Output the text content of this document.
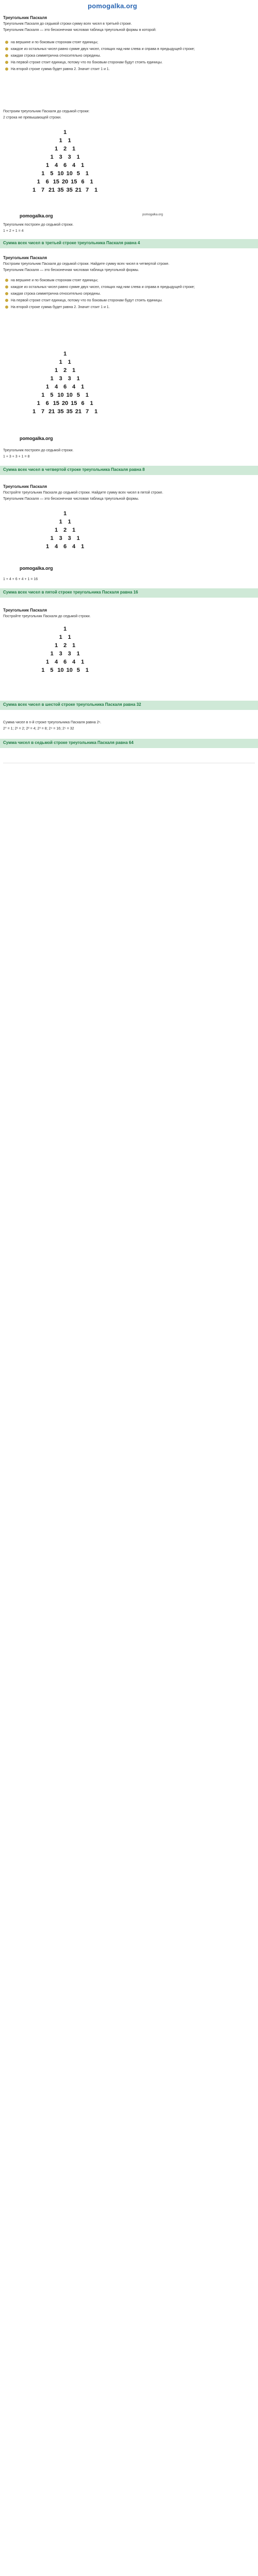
pomogalka.org
Треугольник Паскаля
Треугольник Паскаля до седьмой строки сумму всех чисел в третьей строке.
Треугольник Паскаля — это бесконечная числовая таблица треугольной формы в которой:
на вершине и по боковым сторонам стоят единицы;
каждое из остальных чисел равно сумме двух чисел, стоящих над ним слева и справа в предыдущей строке;
каждая строка симметрична относительно середины.
На первой строке стоит единица, потому что по боковым сторонам будут стоять единицы.
На второй строке сумма будет равна 2. Значит стоит 1 и 1.
Построим треугольник Паскаля до седьмой строки:
2 строка не превышающей строки.
1
1 1
1 2 1
1 3 3 1
1 4 6 4 1
1 5 10 10 5 1
1 6 15 20 15 6 1
1 7 21 35 35 21 7 1
pomogalka.org	pomogalka.org
Треугольник построен до седьмой строки.
1 + 2 + 1 = 4
Сумма всех чисел в третьей строке треугольника Паскаля равна 4
Треугольник Паскаля
Построим треугольник Паскаля до седьмой строки. Найдите сумму всех чисел в четвертой строке.
Треугольник Паскаля — это бесконечная числовая таблица треугольной формы.
на вершине и по боковым сторонам стоят единицы;
каждое из остальных чисел равно сумме двух чисел, стоящих над ним слева и справа в предыдущей строке;
каждая строка симметрична относительно середины.
На первой строке стоит единица, потому что по боковым сторонам будут стоять единицы.
На второй строке сумма будет равна 2. Значит стоит 1 и 1.
1
1 1
1 2 1
1 3 3 1
1 4 6 4 1
1 5 10 10 5 1
1 6 15 20 15 6 1
1 7 21 35 35 21 7 1
pomogalka.org
Треугольник построен до седьмой строки.
1 + 3 + 3 + 1 = 8
Сумма всех чисел в четвертой строке треугольника Паскаля равна 8
Треугольник Паскаля
Постройте треугольник Паскаля до седьмой строки. Найдите сумму всех чисел в пятой строке.
Треугольник Паскаля — это бесконечная числовая таблица треугольной формы.
1
1 1
1 2 1
1 3 3 1
1 4 6 4 1
pomogalka.org
1 + 4 + 6 + 4 + 1 = 16
Сумма всех чисел в пятой строке треугольника Паскаля равна 16
Треугольник Паскаля
Постройте треугольник Паскаля до седьмой строки.
1
1 1
1 2 1
1 3 3 1
1 4 6 4 1
1 5 10 10 5 1
Сумма всех чисел в шестой строке треугольника Паскаля равна 32
Сумма чисел в n-й строке треугольника Паскаля равна 2ⁿ.
2⁰ = 1; 2¹ = 2; 2² = 4; 2³ = 8; 2⁴ = 16; 2⁵ = 32
Сумма чисел в седьмой строке треугольника Паскаля равна 64
